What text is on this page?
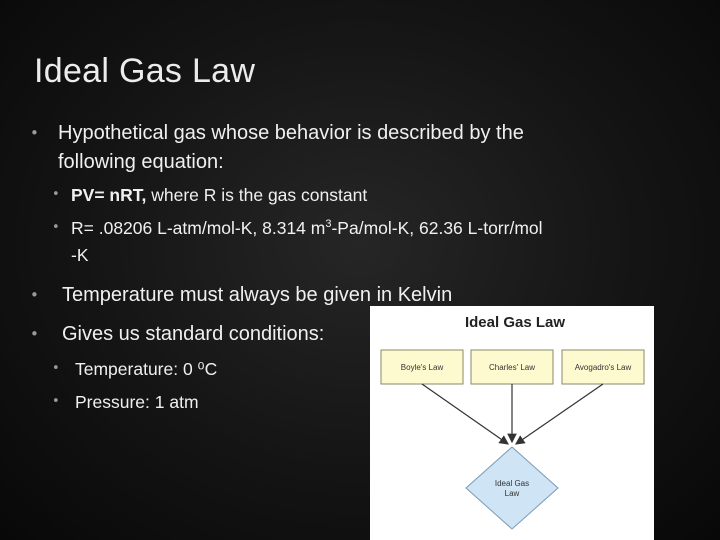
Ideal Gas Law
• Hypothetical gas whose behavior is described by the
following equation:
• PV= nRT, where R is the gas constant
• R= .08206 L-atm/mol-K, 8.314 $m^3-Pa/mol-K$, 62.36 L-torr/mol
-K
• Temperature must always be given in Kelvin
• Gives us standard conditions:
• Temperature: 0 ⁰C
• Pressure: 1 atm
Ideal Gas Law
Boyle's Law	Charles' Law	Avogadro's Law
Ideal Gas
Law
